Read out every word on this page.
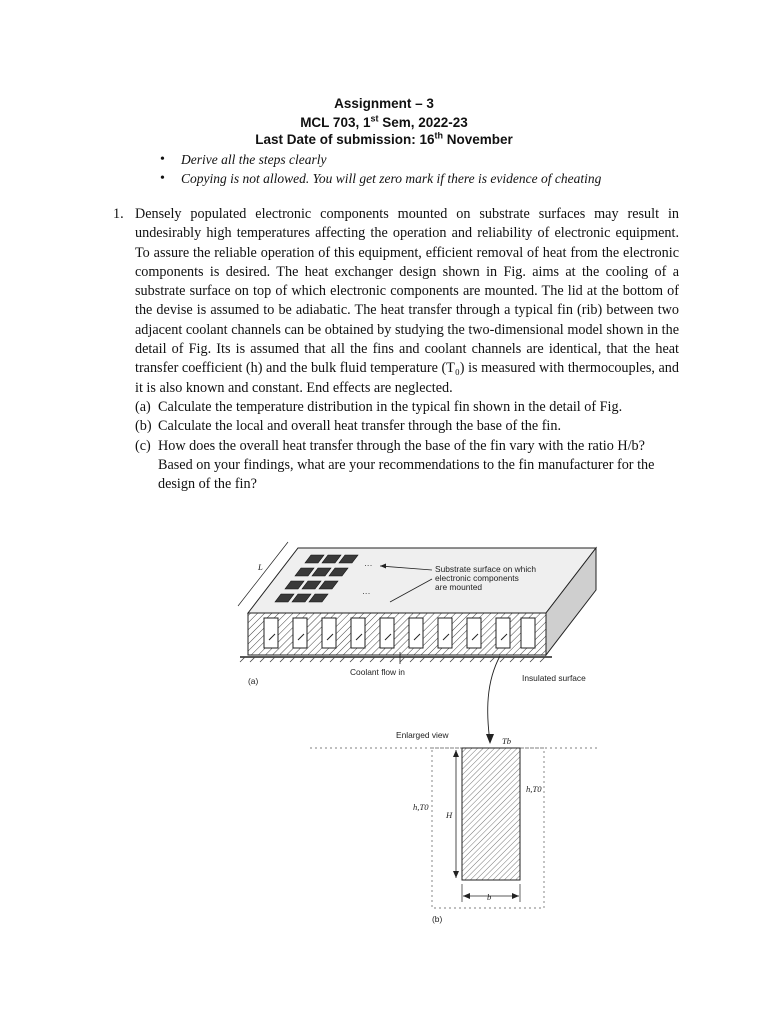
Assignment – 3
MCL 703, 1st Sem, 2022-23
Last Date of submission: 16th November
• Derive all the steps clearly
• Copying is not allowed. You will get zero mark if there is evidence of cheating
1. Densely populated electronic components mounted on substrate surfaces may result in undesirably high temperatures affecting the operation and reliability of electronic equipment. To assure the reliable operation of this equipment, efficient removal of heat from the electronic components is desired. The heat exchanger design shown in Fig. aims at the cooling of a substrate surface on top of which electronic components are mounted. The lid at the bottom of the devise is assumed to be adiabatic. The heat transfer through a typical fin (rib) between two adjacent coolant channels can be obtained by studying the two-dimensional model shown in the detail of Fig. Its is assumed that all the fins and coolant channels are identical, that the heat transfer coefficient (h) and the bulk fluid temperature (T₀) is measured with thermocouples, and it is also known and constant. End effects are neglected.

(a) Calculate the temperature distribution in the typical fin shown in the detail of Fig.
(b) Calculate the local and overall heat transfer through the base of the fin.
(c) How does the overall heat transfer through the base of the fin vary with the ratio H/b? Based on your findings, what are your recommendations to the fin manufacturer for the design of the fin?
···
···
Substrate surface on which
electronic components
are mounted
L
Coolant flow in
Insulated surface
(a)
Enlarged view
Tb
H
b
h,T0
h,T0
(b)
